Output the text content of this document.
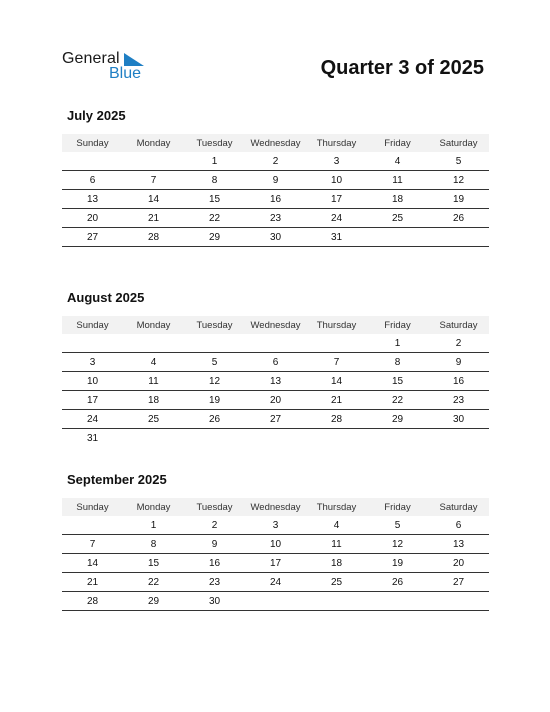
General
Blue	Quarter 3 of 2025
July 2025
Sunday	Monday	Tuesday	Wednesday	Thursday	Friday	Saturday
		1	2	3	4	5
6	7	8	9	10	11	12
13	14	15	16	17	18	19
20	21	22	23	24	25	26
27	28	29	30	31		
August 2025
Sunday	Monday	Tuesday	Wednesday	Thursday	Friday	Saturday
					1	2
3	4	5	6	7	8	9
10	11	12	13	14	15	16
17	18	19	20	21	22	23
24	25	26	27	28	29	30
31						
September 2025
Sunday	Monday	Tuesday	Wednesday	Thursday	Friday	Saturday
	1	2	3	4	5	6
7	8	9	10	11	12	13
14	15	16	17	18	19	20
21	22	23	24	25	26	27
28	29	30				
